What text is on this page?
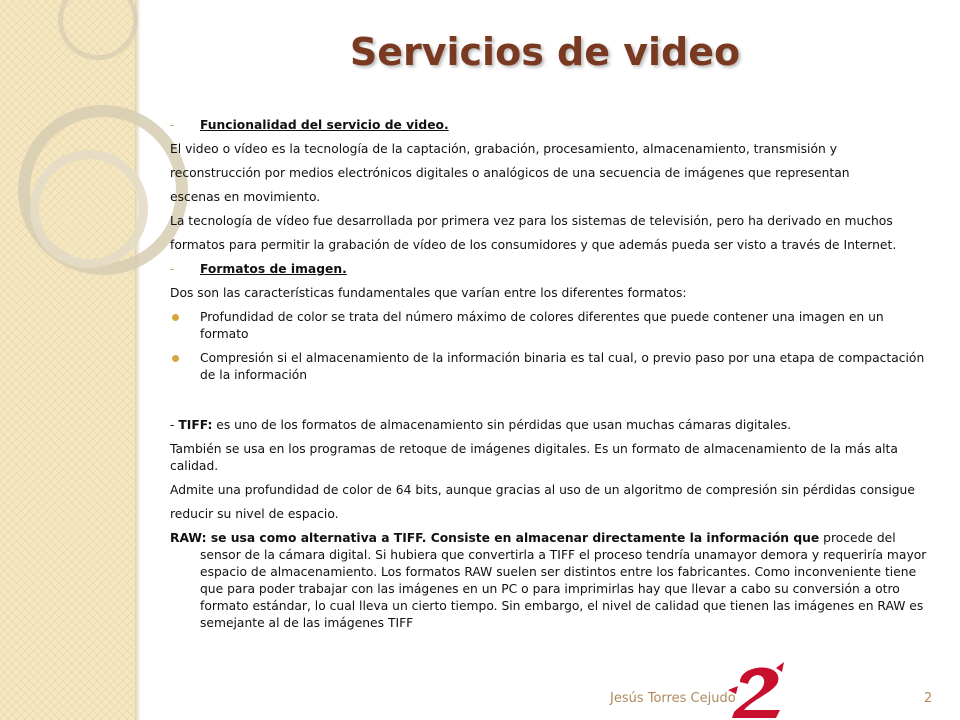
Servicios de video

- Funcionalidad del servicio de video.

El video o vídeo es la tecnología de la captación, grabación, procesamiento, almacenamiento, transmisión y

reconstrucción por medios electrónicos digitales o analógicos de una secuencia de imágenes que representan

escenas en movimiento.

La tecnología de vídeo fue desarrollada por primera vez para los sistemas de televisión, pero ha derivado en muchos

formatos para permitir la grabación de vídeo de los consumidores y que además pueda ser visto a través de Internet.

- Formatos de imagen.

Dos son las características fundamentales que varían entre los diferentes formatos:

Profundidad de color se trata del número máximo de colores diferentes que puede contener una imagen en un formato
Compresión si el almacenamiento de la información binaria es tal cual, o previo paso por una etapa de compactación de la información

- TIFF: es uno de los formatos de almacenamiento sin pérdidas que usan muchas cámaras digitales.

También se usa en los programas de retoque de imágenes digitales. Es un formato de almacenamiento de la más alta calidad.

Admite una profundidad de color de 64 bits, aunque gracias al uso de un algoritmo de compresión sin pérdidas consigue

reducir su nivel de espacio.

RAW: se usa como alternativa a TIFF. Consiste en almacenar directamente la información que procede del sensor de la cámara digital. Si hubiera que convertirla a TIFF el proceso tendría unamayor demora y requeriría mayor espacio de almacenamiento. Los formatos RAW suelen ser distintos entre los fabricantes. Como inconveniente tiene que para poder trabajar con las imágenes en un PC o para imprimirlas hay que llevar a cabo su conversión a otro formato estándar, lo cual lleva un cierto tiempo. Sin embargo, el nivel de calidad que tienen las imágenes en RAW es semejante al de las imágenes TIFF

Jesús Torres Cejudo	2
